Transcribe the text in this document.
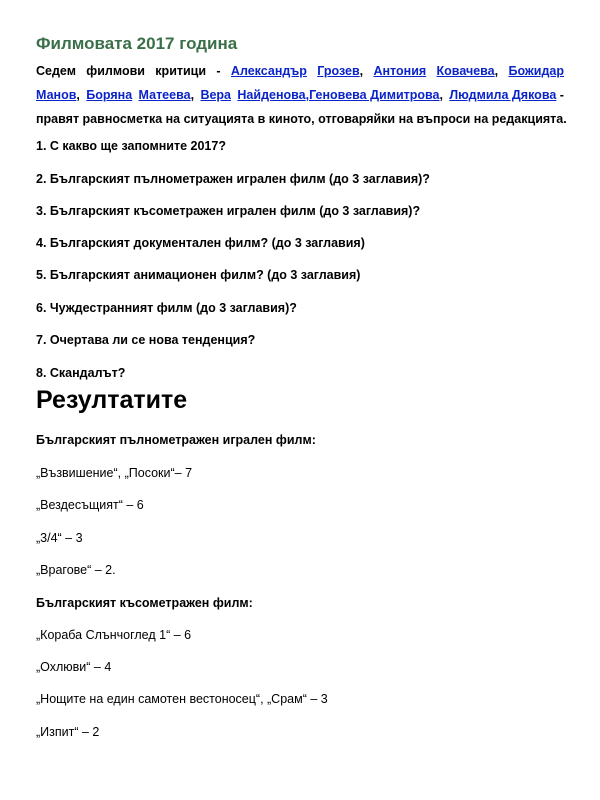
Филмовата 2017 година
Седем филмови критици - Александър Грозев, Антония Ковачева, Божидар
Манов, Боряна Матеева, Вера Найденова,Геновева Димитрова, Людмила Дякова -
правят равносметка на ситуацията в киното, отговаряйки на въпроси на редакцията.
1. С какво ще запомните 2017?
2. Българският пълнометражен игрален филм (до 3 заглавия)?
3. Българският късометражен игрален филм (до 3 заглавия)?
4. Българският документален филм? (до 3 заглавия)
5. Българският анимационен филм? (до 3 заглавия)
6. Чуждестранният филм (до 3 заглавия)?
7. Очертава ли се нова тенденция?
8. Скандалът?
Резултатите
Българският пълнометражен игрален филм:
„Възвишение“, „Посоки“– 7
„Вездесъщият“ – 6
„3/4“ – 3
„Врагове“ – 2.
Българският късометражен филм:
„Кораба Слънчоглед 1“ – 6
„Охлюви“ – 4
„Нощите на един самотен вестоносец“, „Срам“ – 3
„Изпит“ – 2
